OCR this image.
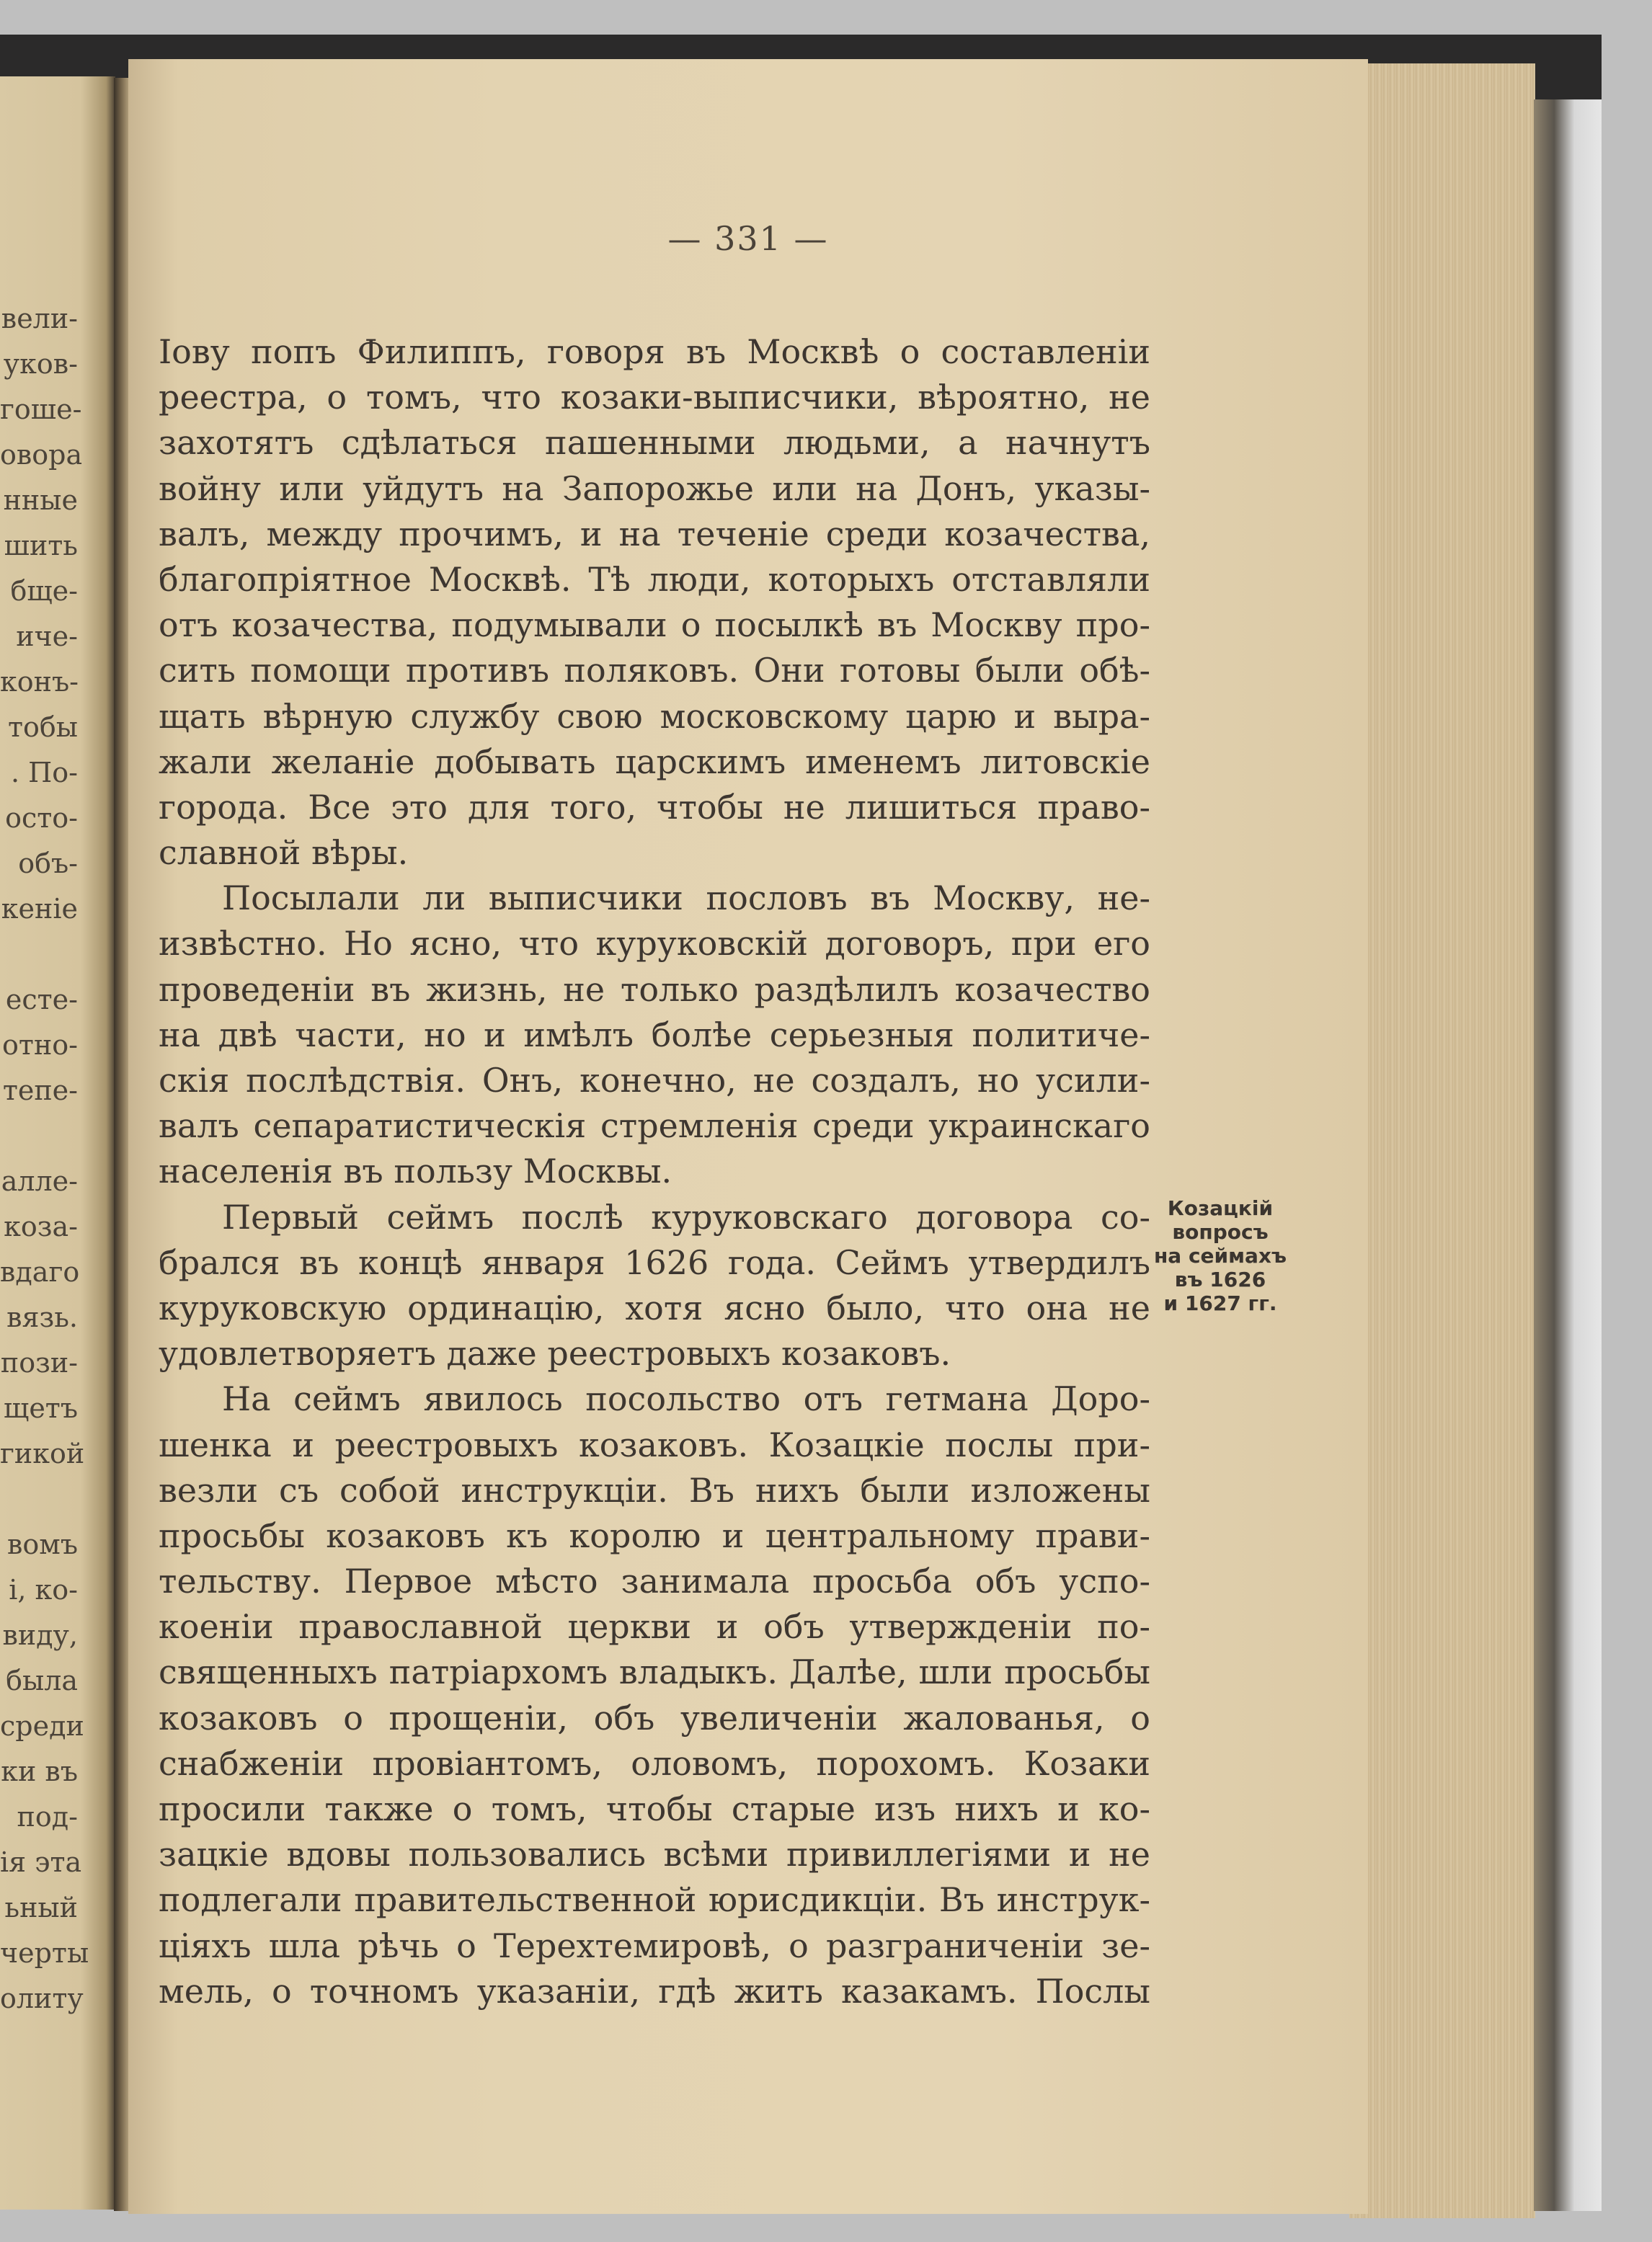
вели-
уков-
гоше-
овора
нные
шить
бще-
иче-
конъ-
тобы
. По-
осто-
объ-
кеніе
есте-
отно-
тепе-
алле-
коза-
вдаго
вязь.
пози-
щетъ
гикой
вомъ
і, ко-
виду,
была
среди
ки въ
под-
ія эта
ьный
черты
олиту
— 331 —
Іову попъ Филиппъ, говоря въ Москвѣ о составленіи
реестра, о томъ, что козаки-выписчики, вѣроятно, не
захотятъ сдѣлаться пашенными людьми, а начнутъ
войну или уйдутъ на Запорожье или на Донъ, указы-
валъ, между прочимъ, и на теченіе среди козачества,
благопріятное Москвѣ. Тѣ люди, которыхъ отставляли
отъ козачества, подумывали о посылкѣ въ Москву про-
сить помощи противъ поляковъ. Они готовы были обѣ-
щать вѣрную службу свою московскому царю и выра-
жали желаніе добывать царскимъ именемъ литовскіе
города. Все это для того, чтобы не лишиться право-
славной вѣры.
Посылали ли выписчики пословъ въ Москву, не-
извѣстно. Но ясно, что куруковскій договоръ, при его
проведеніи въ жизнь, не только раздѣлилъ козачество
на двѣ части, но и имѣлъ болѣе серьезныя политиче-
скія послѣдствія. Онъ, конечно, не создалъ, но усили-
валъ сепаратистическія стремленія среди украинскаго
населенія въ пользу Москвы.
Первый сеймъ послѣ куруковскаго договора со-
брался въ концѣ января 1626 года. Сеймъ утвердилъ
куруковскую ординацію, хотя ясно было, что она не
удовлетворяетъ даже реестровыхъ козаковъ.
На сеймъ явилось посольство отъ гетмана Доро-
шенка и реестровыхъ козаковъ. Козацкіе послы при-
везли съ собой инструкціи. Въ нихъ были изложены
просьбы козаковъ къ королю и центральному прави-
тельству. Первое мѣсто занимала просьба объ успо-
коеніи православной церкви и объ утвержденіи по-
священныхъ патріархомъ владыкъ. Далѣе, шли просьбы
козаковъ о прощеніи, объ увеличеніи жалованья, о
снабженіи провіантомъ, оловомъ, порохомъ. Козаки
просили также о томъ, чтобы старые изъ нихъ и ко-
зацкіе вдовы пользовались всѣми привиллегіями и не
подлегали правительственной юрисдикціи. Въ инструк-
ціяхъ шла рѣчь о Терехтемировѣ, о разграниченіи зе-
мель, о точномъ указаніи, гдѣ жить казакамъ. Послы
Козацкій
вопросъ
на сеймахъ
въ 1626
и 1627 гг.
